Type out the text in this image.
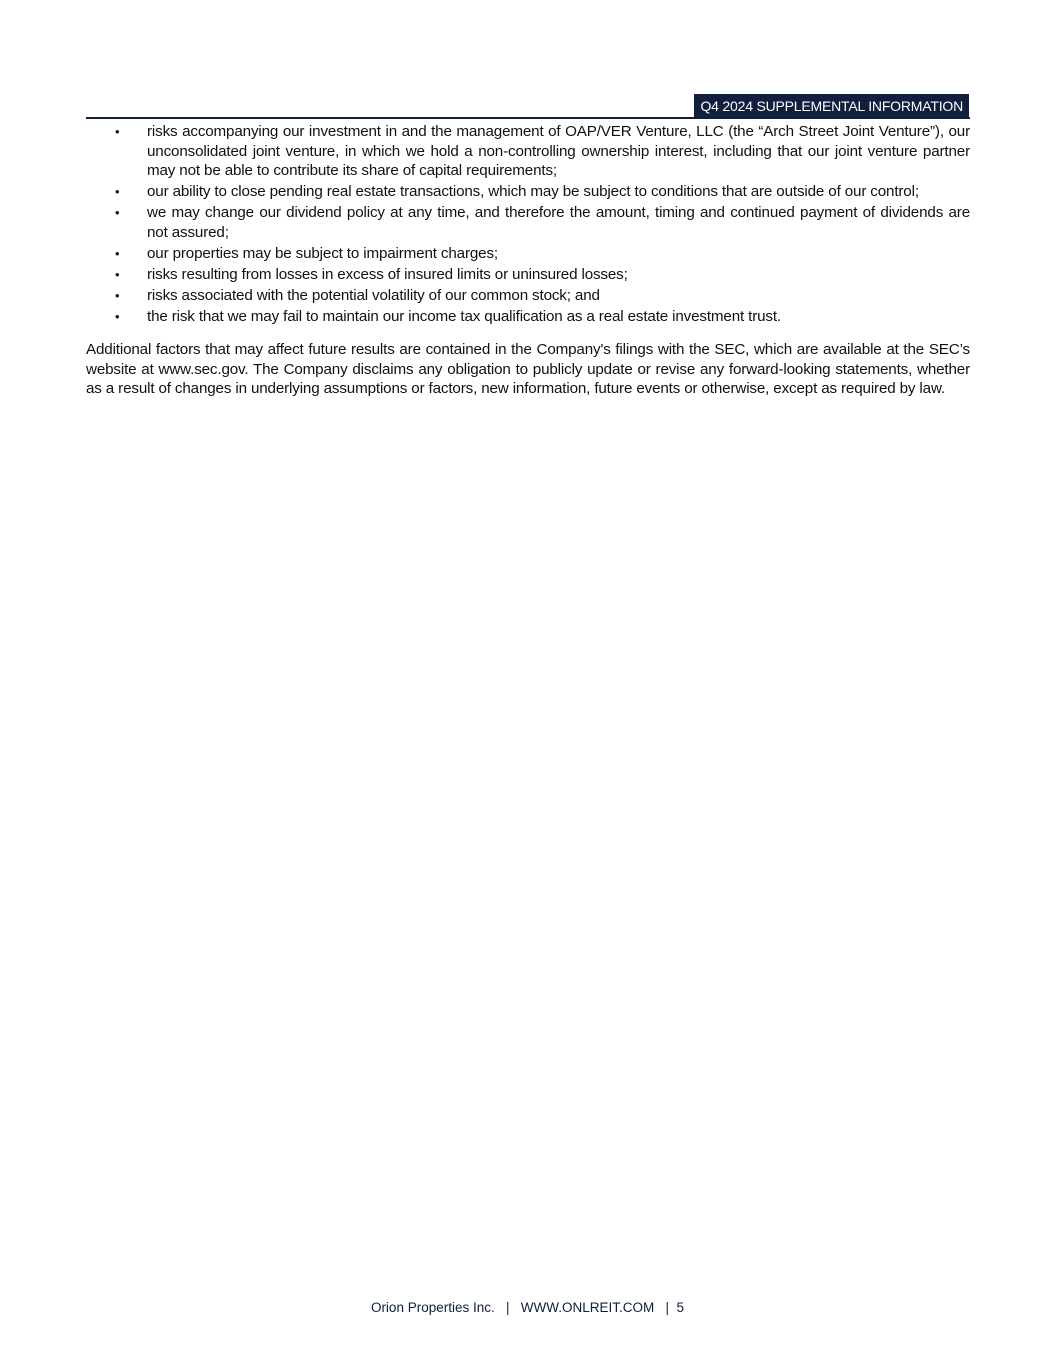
Q4 2024 SUPPLEMENTAL INFORMATION
• risks accompanying our investment in and the management of OAP/VER Venture, LLC (the “Arch Street Joint Venture”), our unconsolidated joint venture, in which we hold a non-controlling ownership interest, including that our joint venture partner may not be able to contribute its share of capital requirements;
• our ability to close pending real estate transactions, which may be subject to conditions that are outside of our control;
• we may change our dividend policy at any time, and therefore the amount, timing and continued payment of dividends are not assured;
• our properties may be subject to impairment charges;
• risks resulting from losses in excess of insured limits or uninsured losses;
• risks associated with the potential volatility of our common stock; and
• the risk that we may fail to maintain our income tax qualification as a real estate investment trust.

Additional factors that may affect future results are contained in the Company's filings with the SEC, which are available at the SEC’s website at www.sec.gov. The Company disclaims any obligation to publicly update or revise any forward-looking statements, whether as a result of changes in underlying assumptions or factors, new information, future events or otherwise, except as required by law.

Orion Properties Inc.   |   WWW.ONLREIT.COM   |  5
